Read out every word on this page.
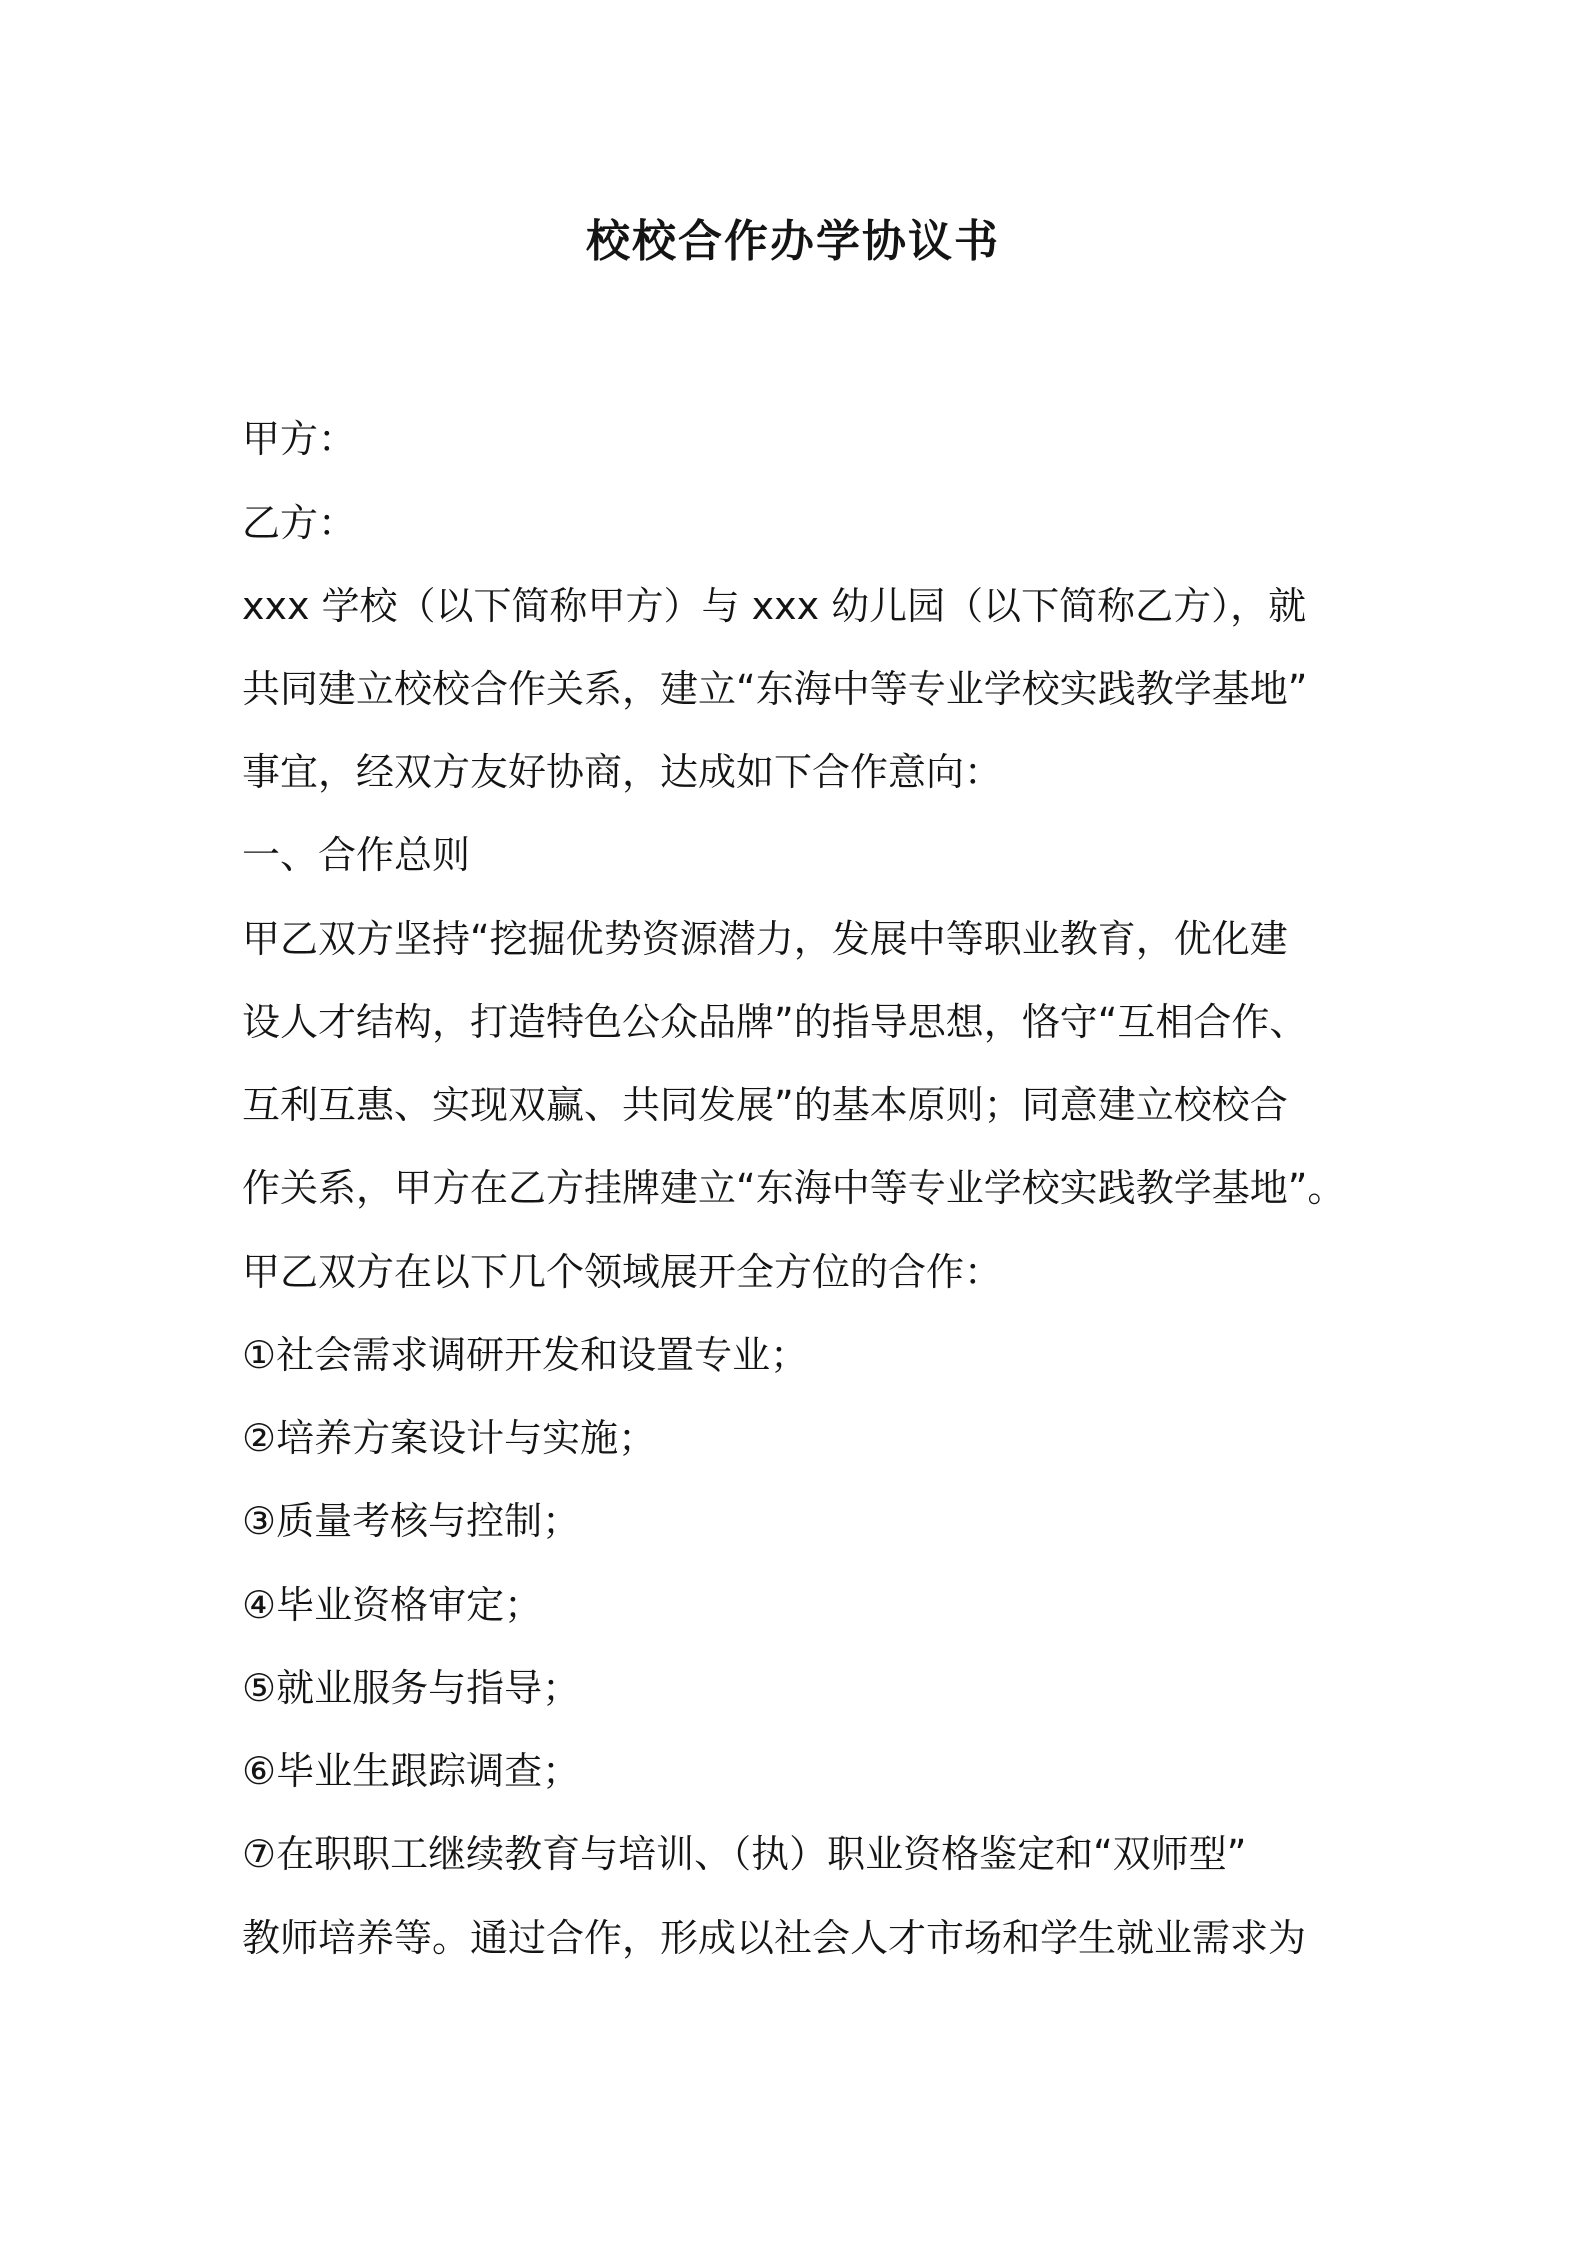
校校合作办学协议书
甲方：
乙方：
xxx 学校（以下简称甲方）与 xxx 幼儿园（以下简称乙方），就
共同建立校校合作关系，建立“东海中等专业学校实践教学基地”
事宜，经双方友好协商，达成如下合作意向：
一、合作总则
甲乙双方坚持“挖掘优势资源潜力，发展中等职业教育，优化建
设人才结构，打造特色公众品牌”的指导思想，恪守“互相合作、
互利互惠、实现双赢、共同发展”的基本原则；同意建立校校合
作关系，甲方在乙方挂牌建立“东海中等专业学校实践教学基地”。
甲乙双方在以下几个领域展开全方位的合作：
①社会需求调研开发和设置专业；
②培养方案设计与实施；
③质量考核与控制；
④毕业资格审定；
⑤就业服务与指导；
⑥毕业生跟踪调查；
⑦在职职工继续教育与培训、（执）职业资格鉴定和“双师型”
教师培养等。通过合作，形成以社会人才市场和学生就业需求为
